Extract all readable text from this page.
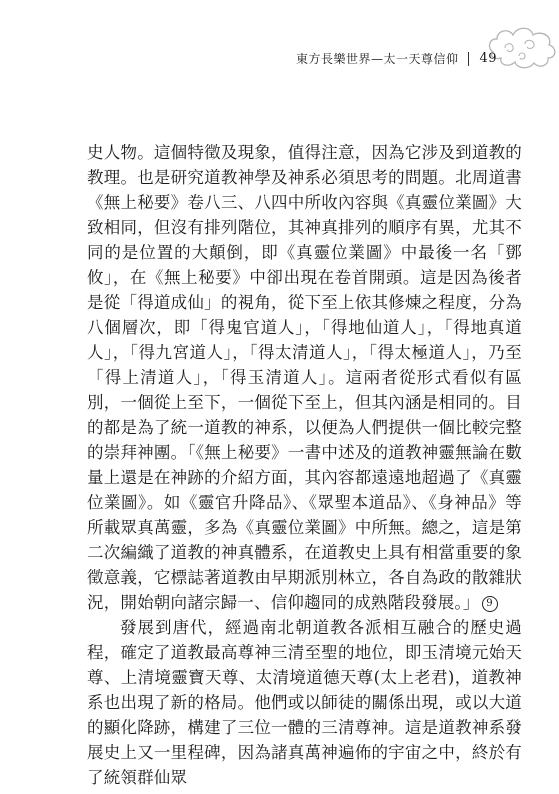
東方長樂世界—太一天尊信仰 49

史人物。這個特徵及現象，值得注意，因為它涉及到道教的教理。也是研究道教神學及神系必須思考的問題。北周道書《無上秘要》卷八三、八四中所收內容與《真靈位業圖》大致相同，但沒有排列階位，其神真排列的順序有異，尤其不同的是位置的大顛倒，即《真靈位業圖》中最後一名「鄧攸」，在《無上秘要》中卻出現在卷首開頭。這是因為後者是從「得道成仙」的視角，從下至上依其修煉之程度，分為八個層次，即「得鬼官道人」，「得地仙道人」，「得地真道人」，「得九宮道人」，「得太清道人」，「得太極道人」，乃至「得上清道人」，「得玉清道人」。這兩者從形式看似有區別，一個從上至下，一個從下至上，但其內涵是相同的。目的都是為了統一道教的神系，以便為人們提供一個比較完整的崇拜神團。「《無上秘要》一書中述及的道教神靈無論在數量上還是在神跡的介紹方面，其內容都遠遠地超過了《真靈位業圖》。如《靈官升降品》、《眾聖本道品》、《身神品》等所載眾真萬靈，多為《真靈位業圖》中所無。總之，這是第二次編織了道教的神真體系，在道教史上具有相當重要的象徵意義，它標誌著道教由早期派別林立，各自為政的散雜狀況，開始朝向諸宗歸一、信仰趨同的成熟階段發展。」 9

發展到唐代，經過南北朝道教各派相互融合的歷史過程，確定了道教最高尊神三清至聖的地位，即玉清境元始天尊、上清境靈寶天尊、太清境道德天尊(太上老君)，道教神系也出現了新的格局。他們或以師徒的關係出現，或以大道的顯化降跡，構建了三位一體的三清尊神。這是道教神系發展史上又一里程碑，因為諸真萬神遍佈的宇宙之中，終於有了統領群仙眾
